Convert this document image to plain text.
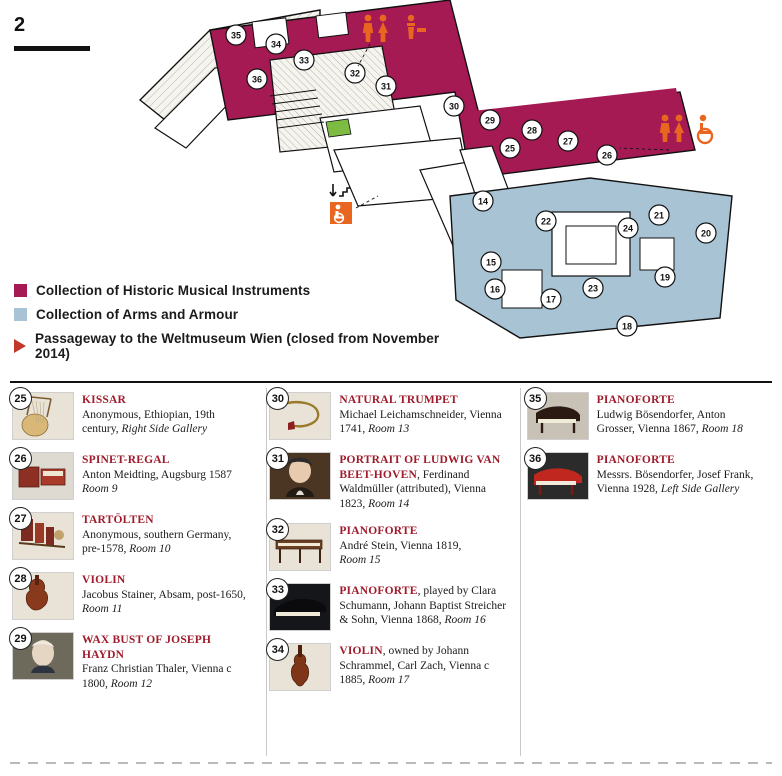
2	35
34
36
33
32
31
30
29
28
27
26
25
14
22
24
21
20
15
19
16
17
23
18
Collection of Historic Musical Instruments
Collection of Arms and Armour
Passageway to the Weltmuseum Wien (closed from November 2014)
25	KISSAR
Anonymous, Ethiopian, 19th century, Right Side Gallery
26	SPINET-REGAL
Anton Meidting, Augsburg 1587 Room 9
27	TARTÖLTEN
Anonymous, southern Germany, pre-1578, Room 10
28	VIOLIN
Jacobus Stainer, Absam, post-1650, Room 11
29	WAX BUST OF JOSEPH HAYDN
Franz Christian Thaler, Vienna c 1800, Room 12
30	NATURAL TRUMPET
Michael Leichamschneider, Vienna 1741, Room 13
31	PORTRAIT OF LUDWIG VAN BEET-HOVEN, Ferdinand Waldmüller (attributed), Vienna 1823, Room 14
32	PIANOFORTE
André Stein, Vienna 1819,
Room 15
33	PIANOFORTE, played by Clara Schumann, Johann Baptist Streicher & Sohn, Vienna 1868, Room 16
34	VIOLIN, owned by Johann Schrammel, Carl Zach, Vienna c 1885, Room 17
35	PIANOFORTE
Ludwig Bösendorfer, Anton Grosser, Vienna 1867, Room 18
36	PIANOFORTE
Messrs. Bösendorfer, Josef Frank, Vienna 1928, Left Side Gallery
